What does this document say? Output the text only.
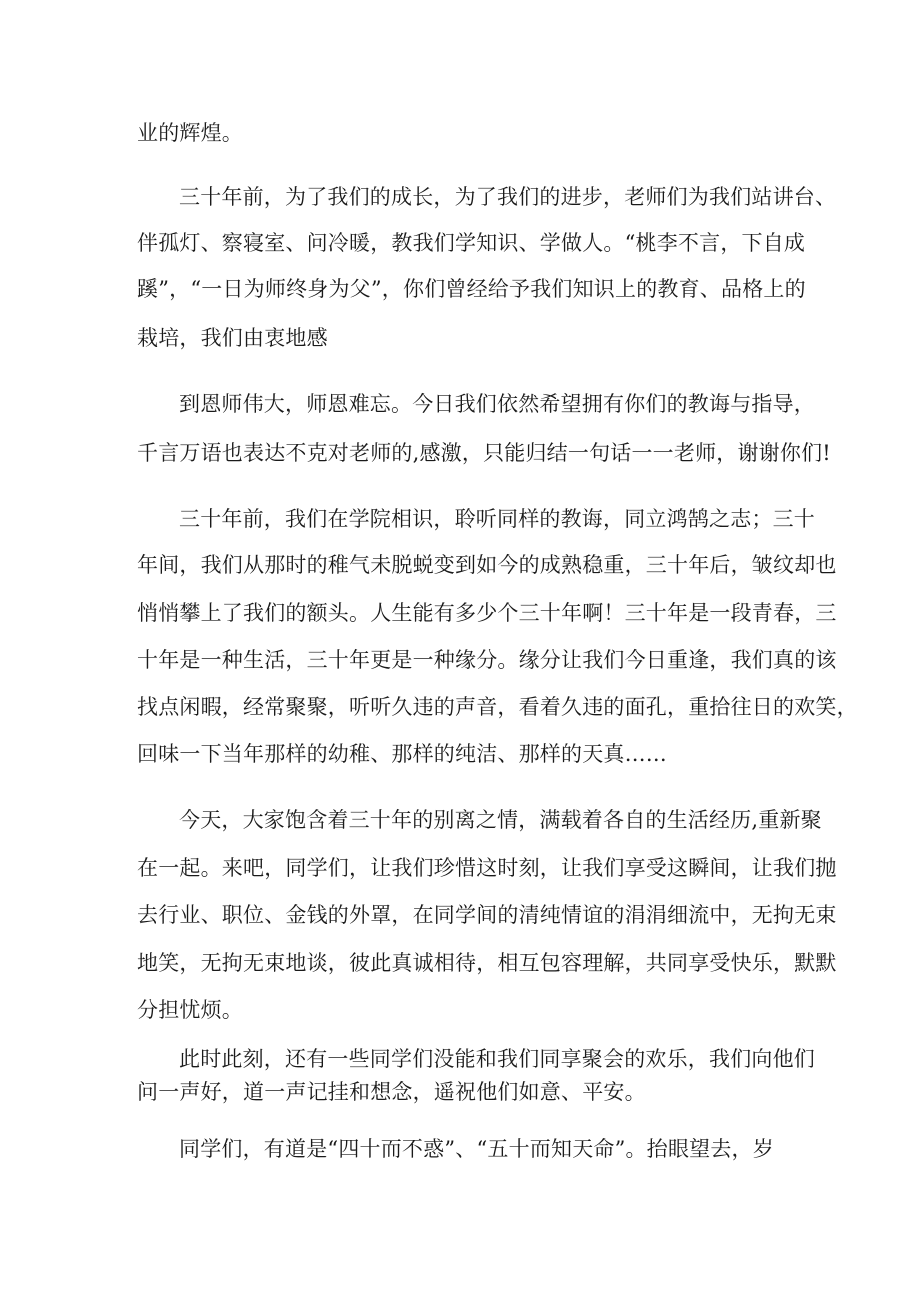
业的辉煌。
三十年前，为了我们的成长，为了我们的进步，老师们为我们站讲台、
伴孤灯、察寝室、问冷暖，教我们学知识、学做人。“桃李不言，下自成
蹊”，“一日为师终身为父”，你们曾经给予我们知识上的教育、品格上的
栽培，我们由衷地感
到恩师伟大，师恩难忘。今日我们依然希望拥有你们的教诲与指导，
千言万语也表达不克对老师的,感激，只能归结一句话一一老师，谢谢你们!
三十年前，我们在学院相识，聆听同样的教诲，同立鸿鹄之志；三十
年间，我们从那时的稚气未脱蜕变到如今的成熟稳重，三十年后，皱纹却也
悄悄攀上了我们的额头。人生能有多少个三十年啊！三十年是一段青春，三
十年是一种生活，三十年更是一种缘分。缘分让我们今日重逢，我们真的该
找点闲暇，经常聚聚，听听久违的声音，看着久违的面孔，重拾往日的欢笑，
回味一下当年那样的幼稚、那样的纯洁、那样的天真……
今天，大家饱含着三十年的别离之情，满载着各自的生活经历,重新聚
在一起。来吧，同学们，让我们珍惜这时刻，让我们享受这瞬间，让我们抛
去行业、职位、金钱的外罩，在同学间的清纯情谊的涓涓细流中，无拘无束
地笑，无拘无束地谈，彼此真诚相待，相互包容理解，共同享受快乐，默默
分担忧烦。
此时此刻，还有一些同学们没能和我们同享聚会的欢乐，我们向他们
问一声好，道一声记挂和想念，遥祝他们如意、平安。
同学们，有道是“四十而不惑”、“五十而知天命”。抬眼望去，岁
